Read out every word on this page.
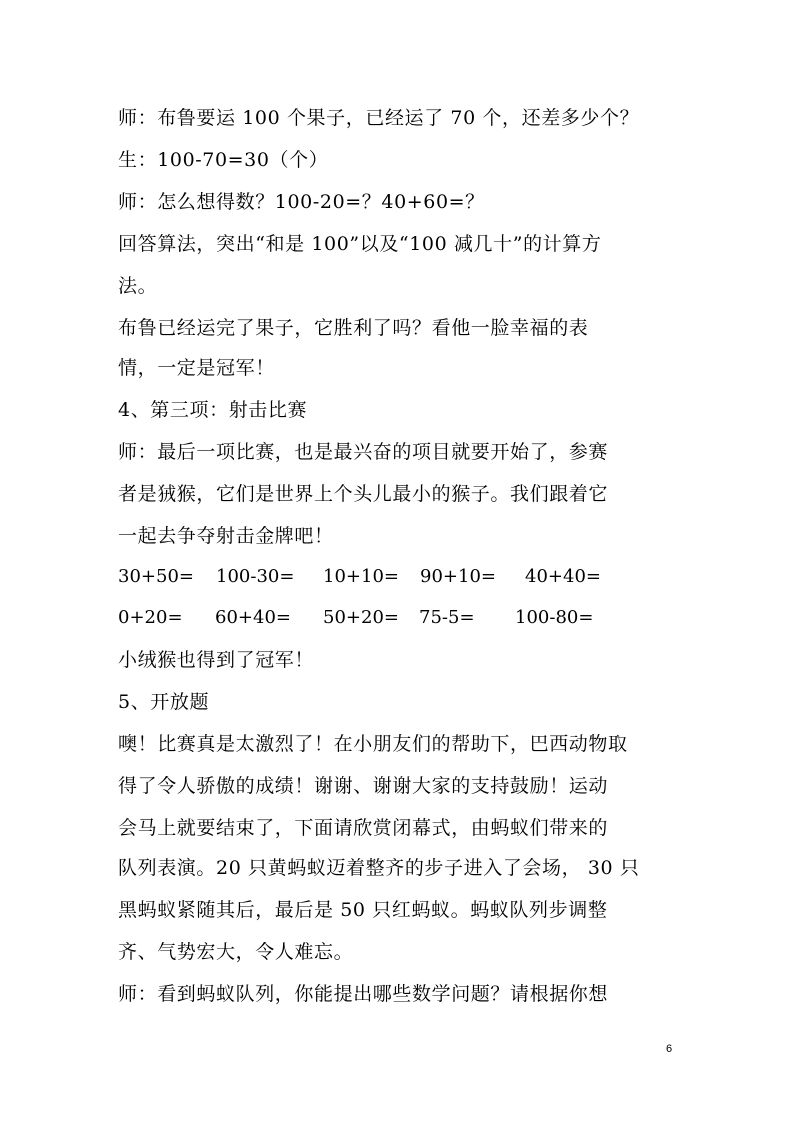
师：布鲁要运 100 个果子，已经运了 70 个，还差多少个？
生：100-70=30（个）
师：怎么想得数？100-20=？40+60=？
回答算法，突出“和是 100”以及“100 减几十”的计算方
法。
布鲁已经运完了果子，它胜利了吗？看他一脸幸福的表
情，一定是冠军！
4、第三项：射击比赛
师：最后一项比赛，也是最兴奋的项目就要开始了，参赛
者是狨猴，它们是世界上个头儿最小的猴子。我们跟着它
一起去争夺射击金牌吧！
30+50= 100-30= 10+10= 90+10= 40+40=
0+20= 60+40= 50+20= 75-5= 100-80=
小绒猴也得到了冠军！
5、开放题
噢！比赛真是太激烈了！在小朋友们的帮助下，巴西动物取
得了令人骄傲的成绩！谢谢、谢谢大家的支持鼓励！运动
会马上就要结束了，下面请欣赏闭幕式，由蚂蚁们带来的
队列表演。20 只黄蚂蚁迈着整齐的步子进入了会场， 30 只
黑蚂蚁紧随其后，最后是 50 只红蚂蚁。蚂蚁队列步调整
齐、气势宏大，令人难忘。
师：看到蚂蚁队列，你能提出哪些数学问题？请根据你想
6
